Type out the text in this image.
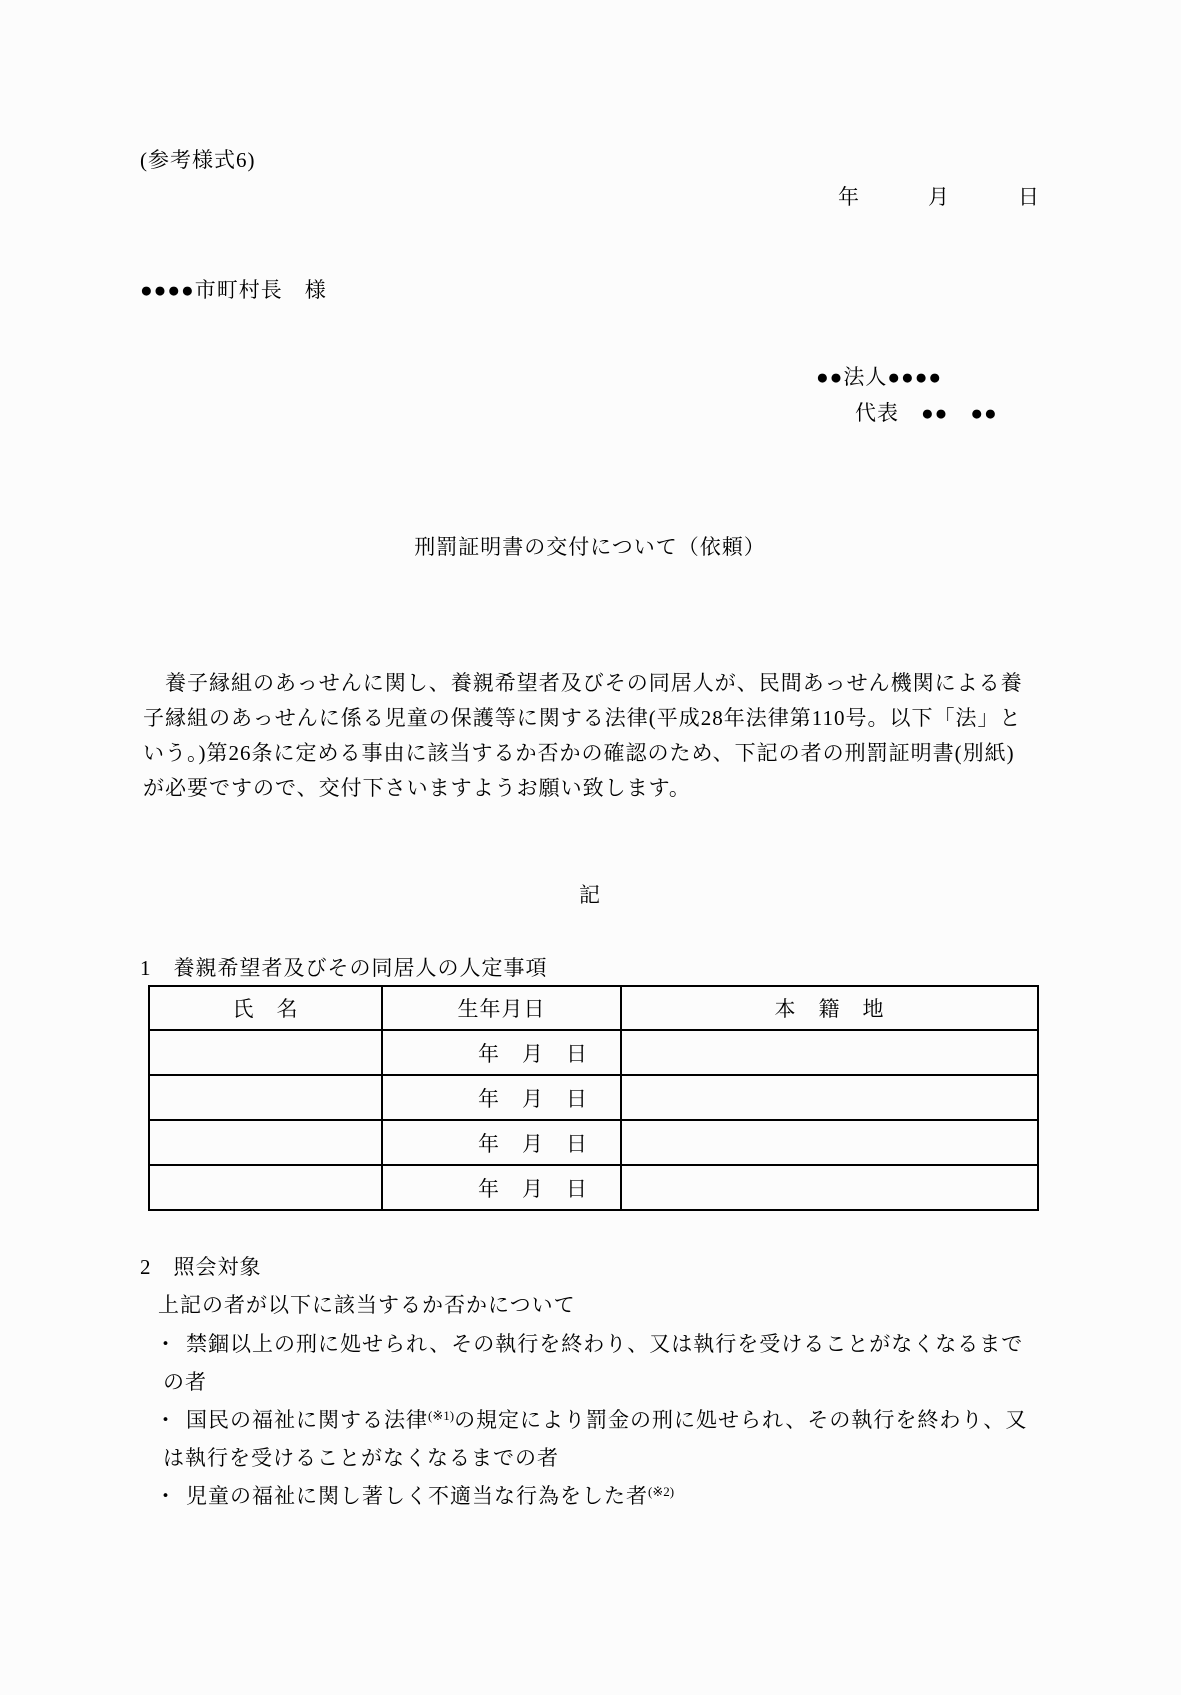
(参考様式6)
年	月	日
●●●●市町村長　様
●●法人●●●●
代表　●●　●●
刑罰証明書の交付について（依頼）
　養子縁組のあっせんに関し、養親希望者及びその同居人が、民間あっせん機関による養
子縁組のあっせんに係る児童の保護等に関する法律(平成28年法律第110号。以下「法」と
いう。)第26条に定める事由に該当するか否かの確認のため、下記の者の刑罰証明書(別紙)
が必要ですので、交付下さいますようお願い致します。
記
1　養親希望者及びその同居人の人定事項
氏　名	生年月日	本　籍　地
	年　月　日	
	年　月　日	
	年　月　日	
	年　月　日	
2　照会対象
上記の者が以下に該当するか否かについて
・ 禁錮以上の刑に処せられ、その執行を終わり、又は執行を受けることがなくなるまでの者
・ 国民の福祉に関する法律$^{(※1)}$の規定により罰金の刑に処せられ、その執行を終わり、又は執行を受けることがなくなるまでの者
・ 児童の福祉に関し著しく不適当な行為をした者$^{(※2)}$
